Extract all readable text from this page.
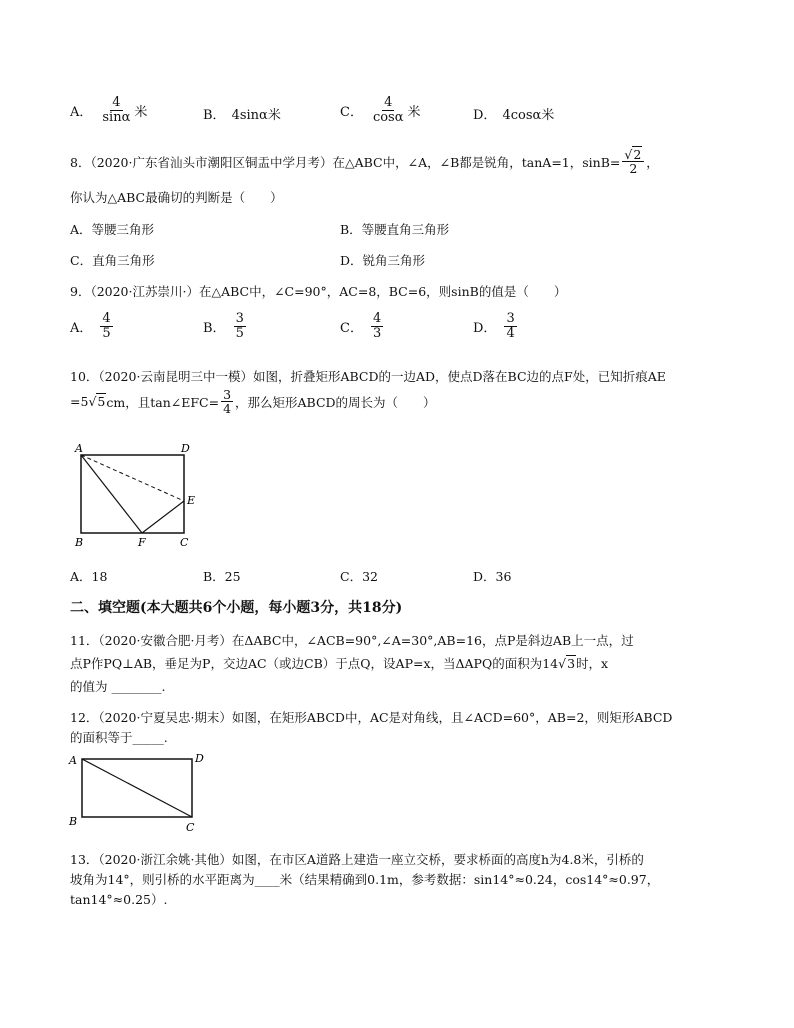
A． $\frac{4}{\sin\alpha}$ 米	B． 4sinα米	C． $\frac{4}{\cos\alpha}$ 米	D． 4cosα米
8．（2020·广东省汕头市潮阳区铜盂中学月考）在△ABC中，∠A，∠B都是锐角，tanA=1，$\sin B= \frac{√2}{2}$ ，
你认为△ABC最确切的判断是（　　）
A．等腰三角形	B．等腰直角三角形
C．直角三角形	D．锐角三角形
9．（2020·江苏崇川·）在△ABC中，∠C=90°，AC=8，BC=6，则sinB的值是（　　）
A． $\frac{4}{5}$	B． $\frac{3}{5}$	C． $\frac{4}{3}$	D． $\frac{3}{4}$
10．（2020·云南昆明三中一模）如图，折叠矩形ABCD的一边AD，使点D落在BC边的点F处，已知折痕AE
=5 √5 cm，且tan∠EFC= $\frac{3}{4}$ ，那么矩形ABCD的周长为（　　）
A	D
E
B	F	C
A．18	B．25	C．32	D．36
二、填空题(本大题共6个小题，每小题3分，共18分)
11．（2020·安徽合肥·月考）在ΔABC中，∠ACB=90°,∠A=30°,AB=16，点P是斜边AB上一点，过
点P作PQ⊥AB，垂足为P，交边AC（或边CB）于点Q，设AP=x，当ΔAPQ的面积为14 √3 时，x
的值为 ________.
12．（2020·宁夏吴忠·期末）如图，在矩形ABCD中，AC是对角线，且∠ACD=60°，AB=2，则矩形ABCD
的面积等于_____.
A	D
B	C
13．（2020·浙江余姚·其他）如图，在市区A道路上建造一座立交桥，要求桥面的高度h为4.8米，引桥的
坡角为14°，则引桥的水平距离为____米（结果精确到0.1m，参考数据：sin14°≈0.24，cos14°≈0.97，
tan14°≈0.25）.
